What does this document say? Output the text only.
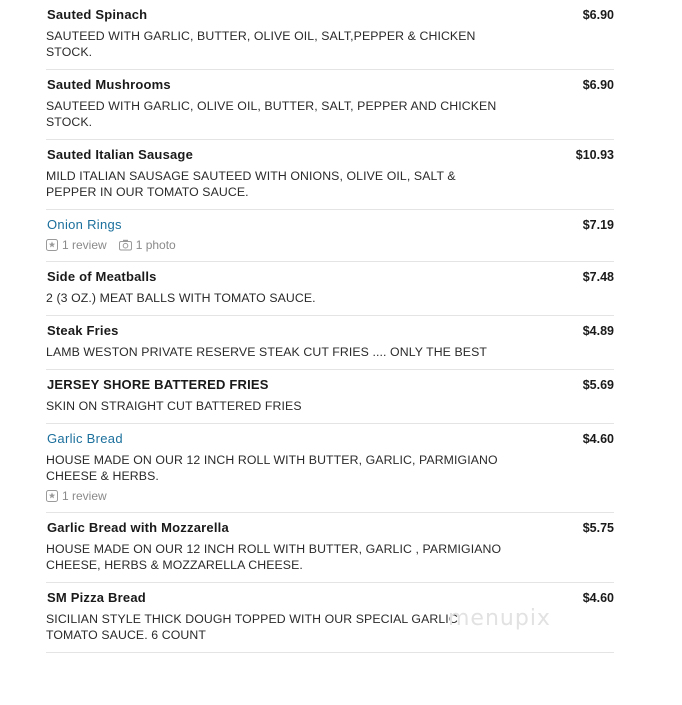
Sauted Spinach	$6.90
SAUTEED WITH GARLIC, BUTTER, OLIVE OIL, SALT,PEPPER & CHICKEN STOCK.
Sauted Mushrooms	$6.90
SAUTEED WITH GARLIC, OLIVE OIL, BUTTER, SALT, PEPPER AND CHICKEN STOCK.
Sauted Italian Sausage	$10.93
MILD ITALIAN SAUSAGE SAUTEED WITH ONIONS, OLIVE OIL, SALT & PEPPER IN OUR TOMATO SAUCE.
Onion Rings	$7.19
1 review 1 photo
Side of Meatballs	$7.48
2 (3 OZ.) MEAT BALLS WITH TOMATO SAUCE.
Steak Fries	$4.89
LAMB WESTON PRIVATE RESERVE STEAK CUT FRIES .... ONLY THE BEST
JERSEY SHORE BATTERED FRIES	$5.69
SKIN ON STRAIGHT CUT BATTERED FRIES
Garlic Bread	$4.60
HOUSE MADE ON OUR 12 INCH ROLL WITH BUTTER, GARLIC, PARMIGIANO CHEESE & HERBS.
1 review
Garlic Bread with Mozzarella	$5.75
HOUSE MADE ON OUR 12 INCH ROLL WITH BUTTER, GARLIC , PARMIGIANO CHEESE, HERBS & MOZZARELLA CHEESE.
SM Pizza Bread	$4.60
SICILIAN STYLE THICK DOUGH TOPPED WITH OUR SPECIAL GARLIC TOMATO SAUCE. 6 COUNT
menupix
